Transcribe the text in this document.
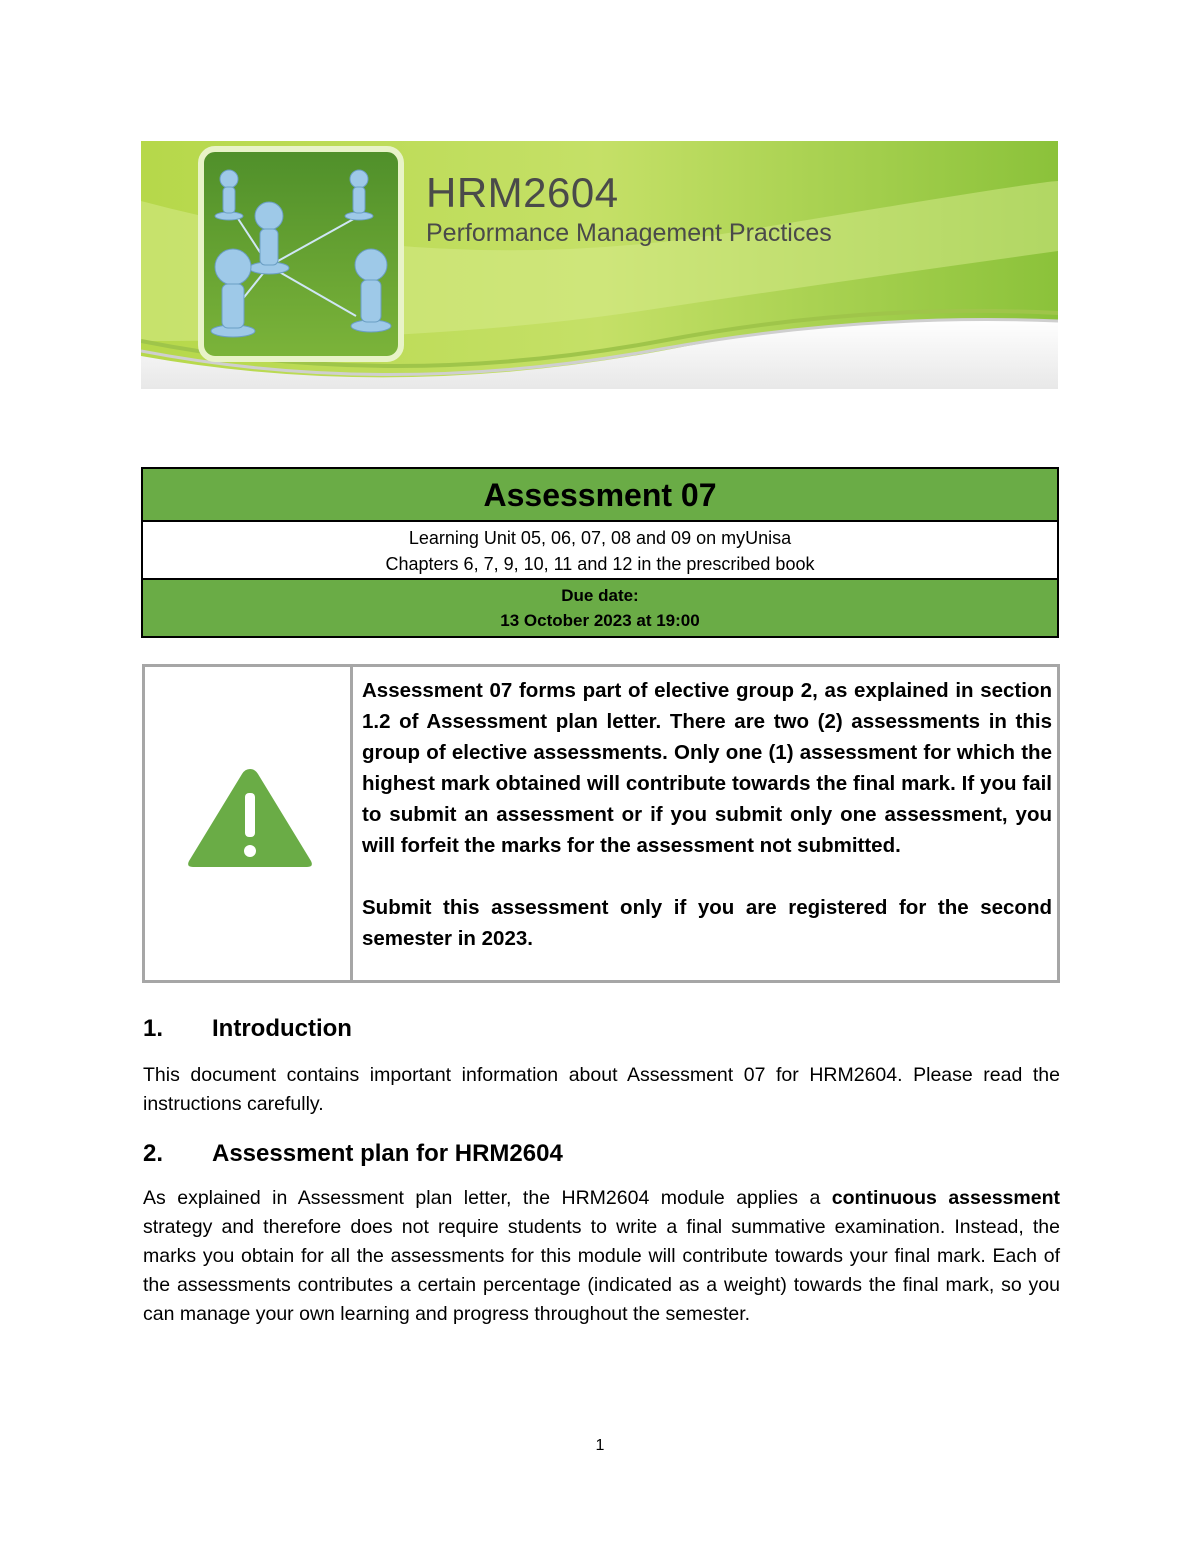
HRM2604
Performance Management Practices
Assessment 07
Learning Unit 05, 06, 07, 08 and 09 on myUnisa
Chapters 6, 7, 9, 10, 11 and 12 in the prescribed book
Due date:
13 October 2023 at 19:00

Assessment 07 forms part of elective group 2, as explained in section 1.2 of Assessment plan letter. There are two (2) assessments in this group of elective assessments. Only one (1) assessment for which the highest mark obtained will contribute towards the final mark. If you fail to submit an assessment or if you submit only one assessment, you will forfeit the marks for the assessment not submitted.

Submit this assessment only if you are registered for the second semester in 2023.

1. Introduction
This document contains important information about Assessment 07 for HRM2604. Please read the instructions carefully.
2. Assessment plan for HRM2604
As explained in Assessment plan letter, the HRM2604 module applies a continuous assessment strategy and therefore does not require students to write a final summative examination. Instead, the marks you obtain for all the assessments for this module will contribute towards your final mark. Each of the assessments contributes a certain percentage (indicated as a weight) towards the final mark, so you can manage your own learning and progress throughout the semester.
1
